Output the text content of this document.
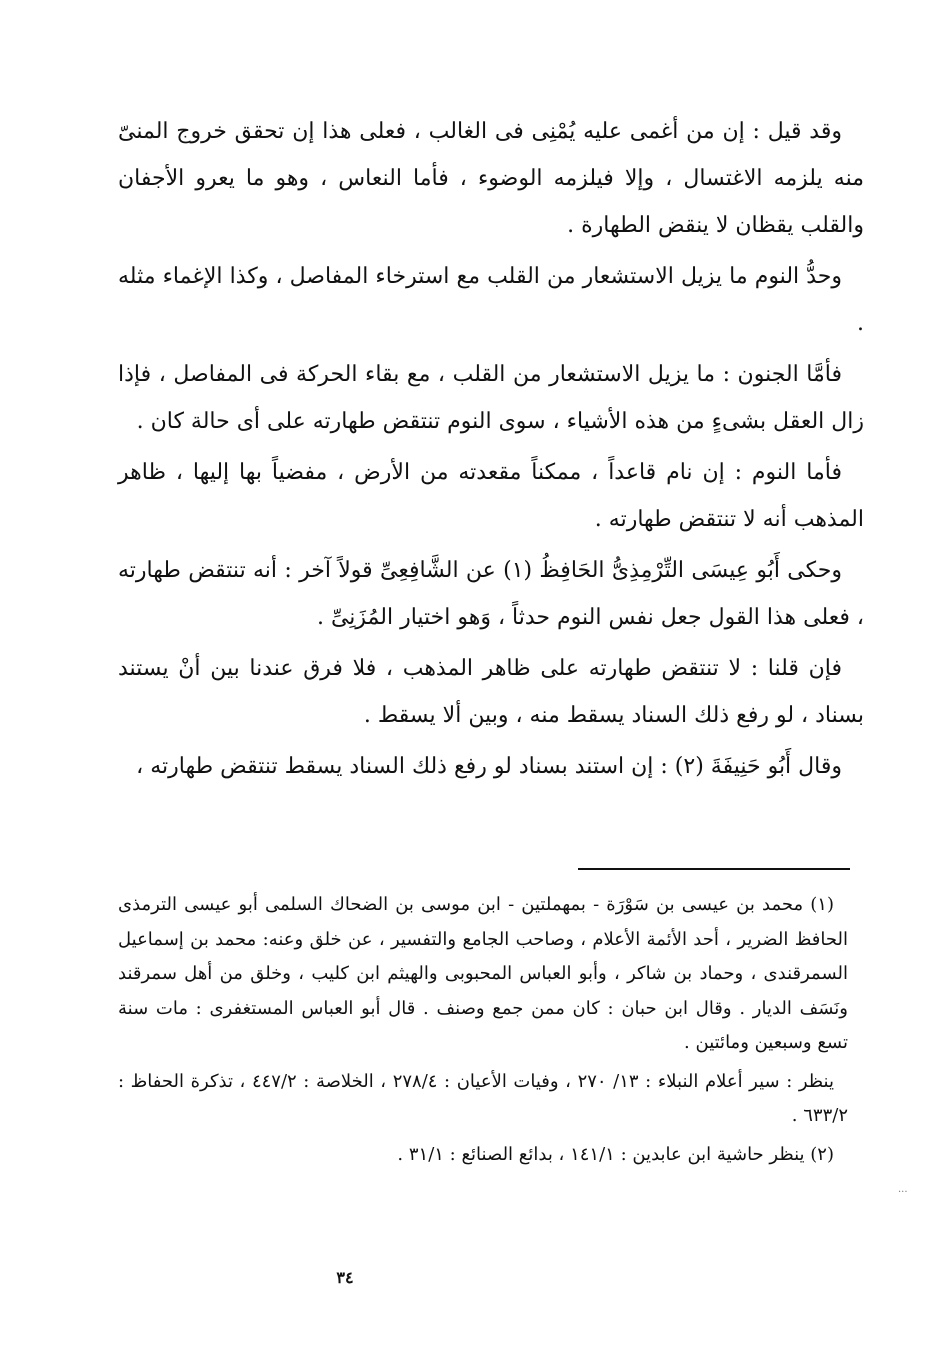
وقد قيل : إن من أغمى عليه يُمْنِى فى الغالب ، فعلى هذا إن تحقق خروج المنىّ منه يلزمه الاغتسال ، وإلا فيلزمه الوضوء ، فأما النعاس ، وهو ما يعرو الأجفان والقلب يقظان لا ينقض الطهارة .

وحدُّ النوم ما يزيل الاستشعار من القلب مع استرخاء المفاصل ، وكذا الإغماء مثله .

فأمَّا الجنون : ما يزيل الاستشعار من القلب ، مع بقاء الحركة فى المفاصل ، فإذا زال العقل بشىءٍ من هذه الأشياء ، سوى النوم تنتقض طهارته على أى حالة كان .

فأما النوم : إن نام قاعداً ، ممكناً مقعدته من الأرض ، مفضياً بها إليها ، ظاهر المذهب أنه لا تنتقض طهارته .

وحكى أَبُو عِيسَى التِّرْمِذِىُّ الحَافِظُ (١) عن الشَّافِعِىِّ قولاً آخر : أنه تنتقض طهارته ، فعلى هذا القول جعل نفس النوم حدثاً ، وَهو اختيار المُزَنِىِّ .

فإن قلنا : لا تنتقض طهارته على ظاهر المذهب ، فلا فرق عندنا بين أنْ يستند بسناد ، لو رفع ذلك السناد يسقط منه ، وبين ألا يسقط .

وقال أَبُو حَنِيفَةَ (٢) : إن استند بسناد لو رفع ذلك السناد يسقط تنتقض طهارته ،

(١) محمد بن عيسى بن سَوْرَة - بمهملتين - ابن موسى بن الضحاك السلمى أبو عيسى الترمذى الحافظ الضرير ، أحد الأئمة الأعلام ، وصاحب الجامع والتفسير ، عن خلق وعنه: محمد بن إسماعيل السمرقندى ، وحماد بن شاكر ، وأبو العباس المحبوبى والهيثم ابن كليب ، وخلق من أهل سمرقند ونَسَف الديار . وقال ابن حبان : كان ممن جمع وصنف . قال أبو العباس المستغفرى : مات سنة تسع وسبعين ومائتين .

ينظر : سير أعلام النبلاء : ١٣/ ٢٧٠ ، وفيات الأعيان : ٢٧٨/٤ ، الخلاصة : ٤٤٧/٢ ، تذكرة الحفاظ : ٦٣٣/٢ .

(٢) ينظر حاشية ابن عابدين : ١٤١/١ ، بدائع الصنائع : ٣١/١ .

٣٤
...
